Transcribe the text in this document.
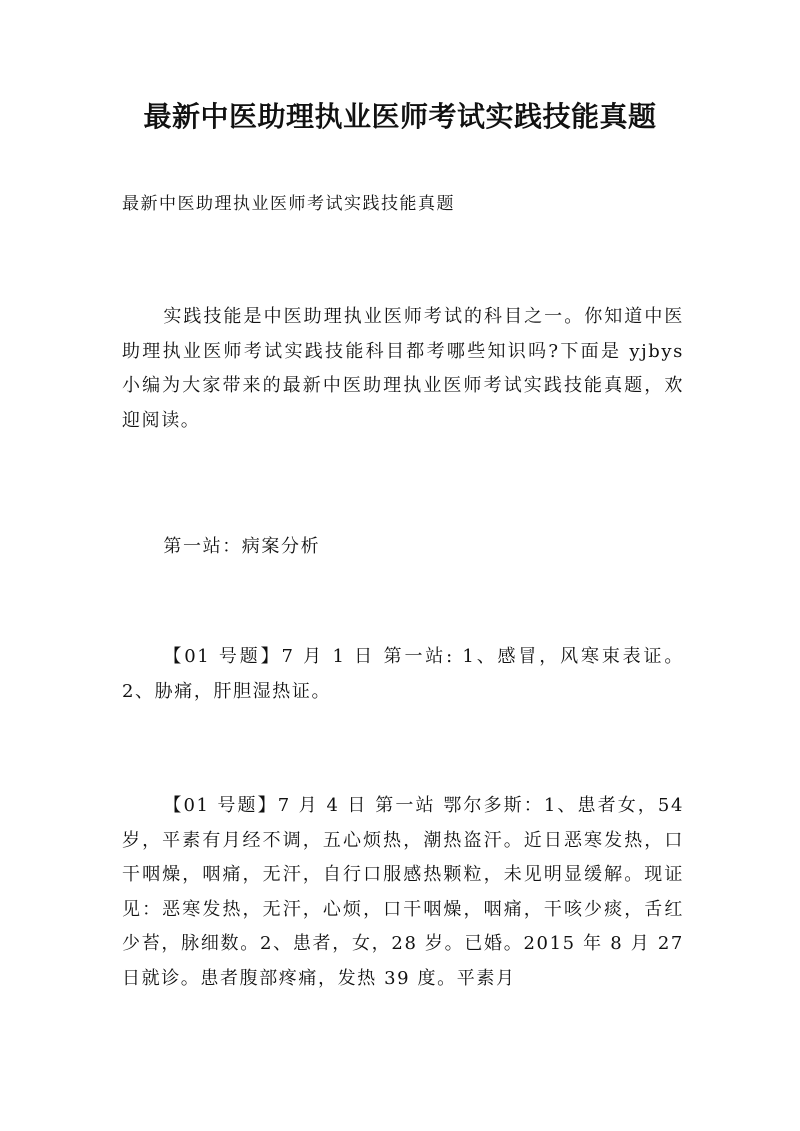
最新中医助理执业医师考试实践技能真题
最新中医助理执业医师考试实践技能真题

实践技能是中医助理执业医师考试的科目之一。你知道中医助理执业医师考试实践技能科目都考哪些知识吗?下面是 yjbys 小编为大家带来的最新中医助理执业医师考试实践技能真题，欢迎阅读。

第一站：病案分析

【01 号题】7 月 1 日 第一站: 1、感冒，风寒束表证。2、胁痛，肝胆湿热证。

【01 号题】7 月 4 日 第一站 鄂尔多斯：1、患者女，54 岁，平素有月经不调，五心烦热，潮热盗汗。近日恶寒发热，口干咽燥，咽痛，无汗，自行口服感热颗粒，未见明显缓解。现证见：恶寒发热，无汗，心烦，口干咽燥，咽痛，干咳少痰，舌红少苔，脉细数。2、患者，女，28 岁。已婚。2015 年 8 月 27 日就诊。患者腹部疼痛，发热 39 度。平素月
